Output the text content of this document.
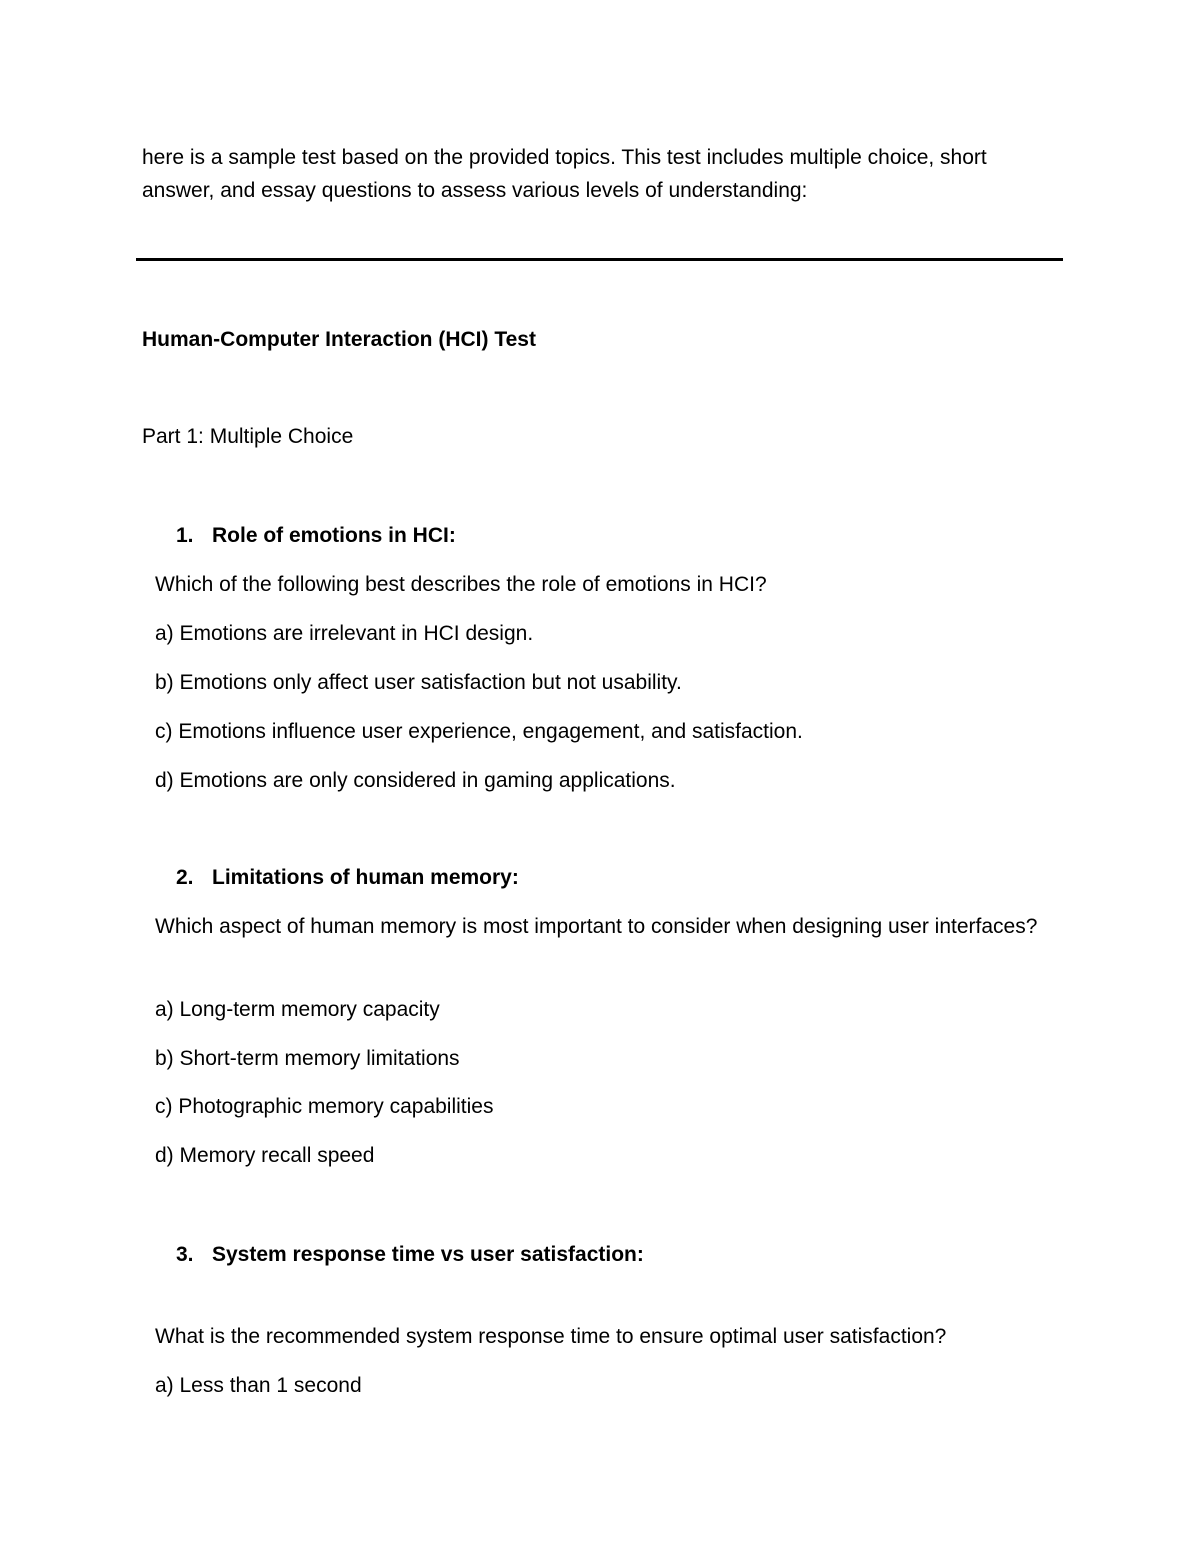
here is a sample test based on the provided topics. This test includes multiple choice, short answer, and essay questions to assess various levels of understanding:
Human-Computer Interaction (HCI) Test
Part 1: Multiple Choice
1. Role of emotions in HCI:
Which of the following best describes the role of emotions in HCI?
a) Emotions are irrelevant in HCI design.
b) Emotions only affect user satisfaction but not usability.
c) Emotions influence user experience, engagement, and satisfaction.
d) Emotions are only considered in gaming applications.
2. Limitations of human memory:
Which aspect of human memory is most important to consider when designing user interfaces?
a) Long-term memory capacity
b) Short-term memory limitations
c) Photographic memory capabilities
d) Memory recall speed
3. System response time vs user satisfaction:
What is the recommended system response time to ensure optimal user satisfaction?
a) Less than 1 second
